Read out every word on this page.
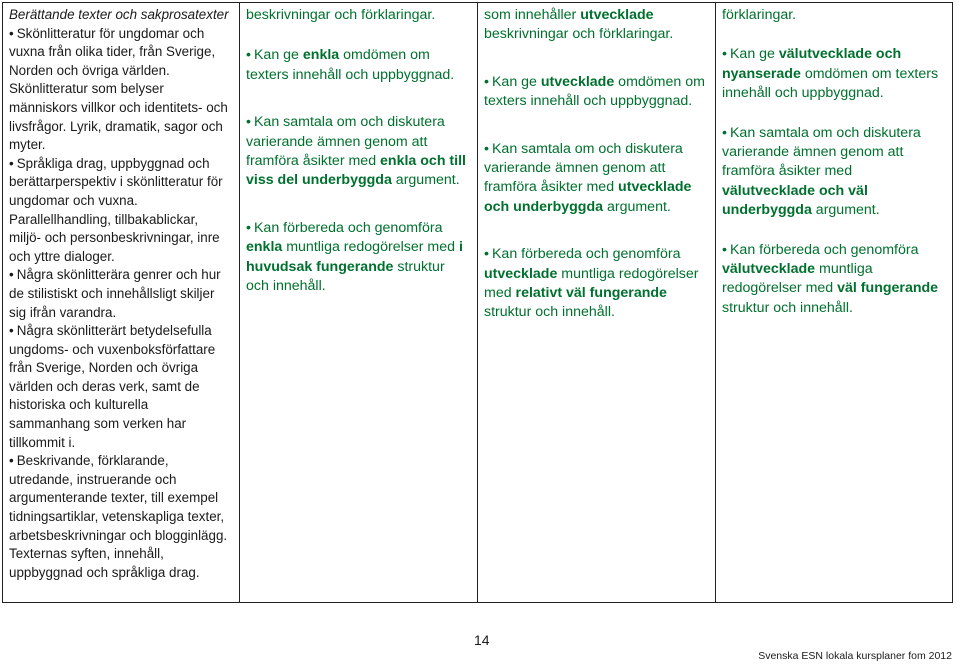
Berättande texter och sakprosatexter

• Skönlitteratur för ungdomar och vuxna från olika tider, från Sverige, Norden och övriga världen. Skönlitteratur som belyser människors villkor och identitets- och livsfrågor. Lyrik, dramatik, sagor och myter.

• Språkliga drag, uppbyggnad och berättarperspektiv i skönlitteratur för ungdomar och vuxna. Parallellhandling, tillbakablickar, miljö- och personbeskrivningar, inre och yttre dialoger.

• Några skönlitterära genrer och hur de stilistiskt och innehållsligt skiljer sig ifrån varandra.

• Några skönlitterärt betydelsefulla ungdoms- och vuxenboksförfattare från Sverige, Norden och övriga världen och deras verk, samt de historiska och kulturella sammanhang som verken har tillkommit i.

• Beskrivande, förklarande, utredande, instruerande och argumenterande texter, till exempel tidningsartiklar, vetenskapliga texter, arbetsbeskrivningar och blogginlägg. Texternas syften, innehåll, uppbyggnad och språkliga drag.

beskrivningar och förklaringar.

• Kan ge enkla omdömen om texters innehåll och uppbyggnad.

• Kan samtala om och diskutera varierande ämnen genom att framföra åsikter med enkla och till viss del underbyggda argument.

• Kan förbereda och genomföra enkla muntliga redogörelser med i huvudsak fungerande struktur och innehåll.

som innehåller utvecklade beskrivningar och förklaringar.

• Kan ge utvecklade omdömen om texters innehåll och uppbyggnad.

• Kan samtala om och diskutera varierande ämnen genom att framföra åsikter med utvecklade och underbyggda argument.

• Kan förbereda och genomföra utvecklade muntliga redogörelser med relativt väl fungerande struktur och innehåll.

förklaringar.

• Kan ge välutvecklade och nyanserade omdömen om texters innehåll och uppbyggnad.

• Kan samtala om och diskutera varierande ämnen genom att framföra åsikter med välutvecklade och väl underbyggda argument.

• Kan förbereda och genomföra välutvecklade muntliga redogörelser med väl fungerande struktur och innehåll.

14
Svenska ESN lokala kursplaner fom 2012
